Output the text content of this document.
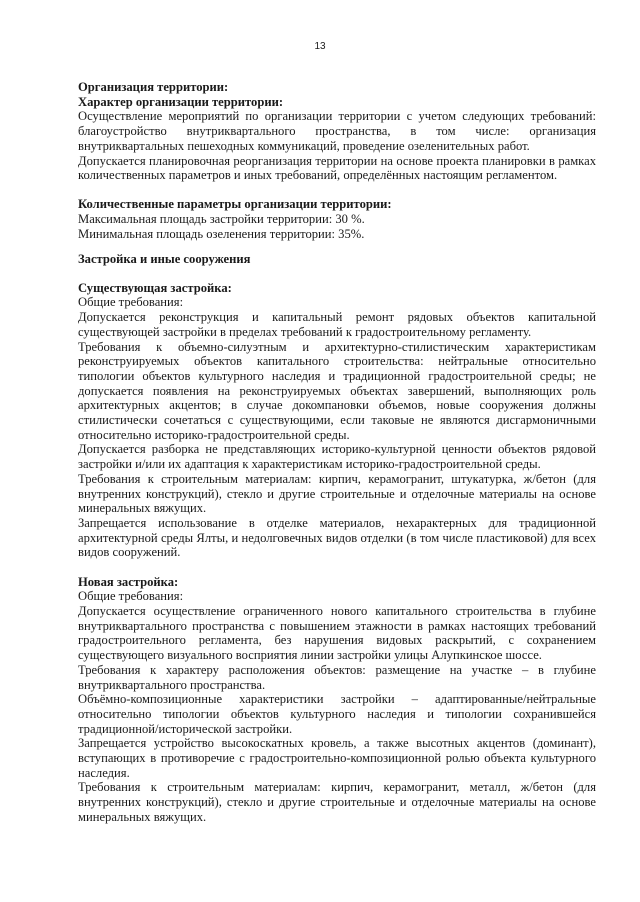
13

Организация территории:

Характер организации территории:

Осуществление мероприятий по организации территории с учетом следующих требований: благоустройство внутриквартального пространства, в том числе: организация внутриквартальных пешеходных коммуникаций, проведение озеленительных работ.

Допускается планировочная реорганизация территории на основе проекта планировки в рамках количественных параметров и иных требований, определённых настоящим регламентом.

Количественные параметры организации территории:

Максимальная площадь застройки территории: 30 %.

Минимальная площадь озеленения территории: 35%.

Застройка и иные сооружения

Существующая застройка:

Общие требования:

Допускается реконструкция и капитальный ремонт рядовых объектов капитальной существующей застройки в пределах требований к градостроительному регламенту.

Требования к объемно-силуэтным и архитектурно-стилистическим характеристикам реконструируемых объектов капитального строительства: нейтральные относительно типологии объектов культурного наследия и традиционной градостроительной среды; не допускается появления на реконструируемых объектах завершений, выполняющих роль архитектурных акцентов; в случае докомпановки объемов, новые сооружения должны стилистически сочетаться с существующими, если таковые не являются дисгармоничными относительно историко-градостроительной среды.

Допускается разборка не представляющих историко-культурной ценности объектов рядовой застройки и/или их адаптация к характеристикам историко-градостроительной среды.

Требования к строительным материалам: кирпич, керамогранит, штукатурка, ж/бетон (для внутренних конструкций), стекло и другие строительные и отделочные материалы на основе минеральных вяжущих.

Запрещается использование в отделке материалов, нехарактерных для традиционной архитектурной среды Ялты, и недолговечных видов отделки (в том числе пластиковой) для всех видов сооружений.

Новая застройка:

Общие требования:

Допускается осуществление ограниченного нового капитального строительства в глубине внутриквартального пространства с повышением этажности в рамках настоящих требований градостроительного регламента, без нарушения видовых раскрытий, с сохранением существующего визуального восприятия линии застройки улицы Алупкинское шоссе.

Требования к характеру расположения объектов: размещение на участке – в глубине внутриквартального пространства.

Объёмно-композиционные характеристики застройки – адаптированные/нейтральные относительно типологии объектов культурного наследия и типологии сохранившейся традиционной/исторической застройки.

Запрещается устройство высокоскатных кровель, а также высотных акцентов (доминант), вступающих в противоречие с градостроительно-композиционной ролью объекта культурного наследия.

Требования к строительным материалам: кирпич, керамогранит, металл, ж/бетон (для внутренних конструкций), стекло и другие строительные и отделочные материалы на основе минеральных вяжущих.
